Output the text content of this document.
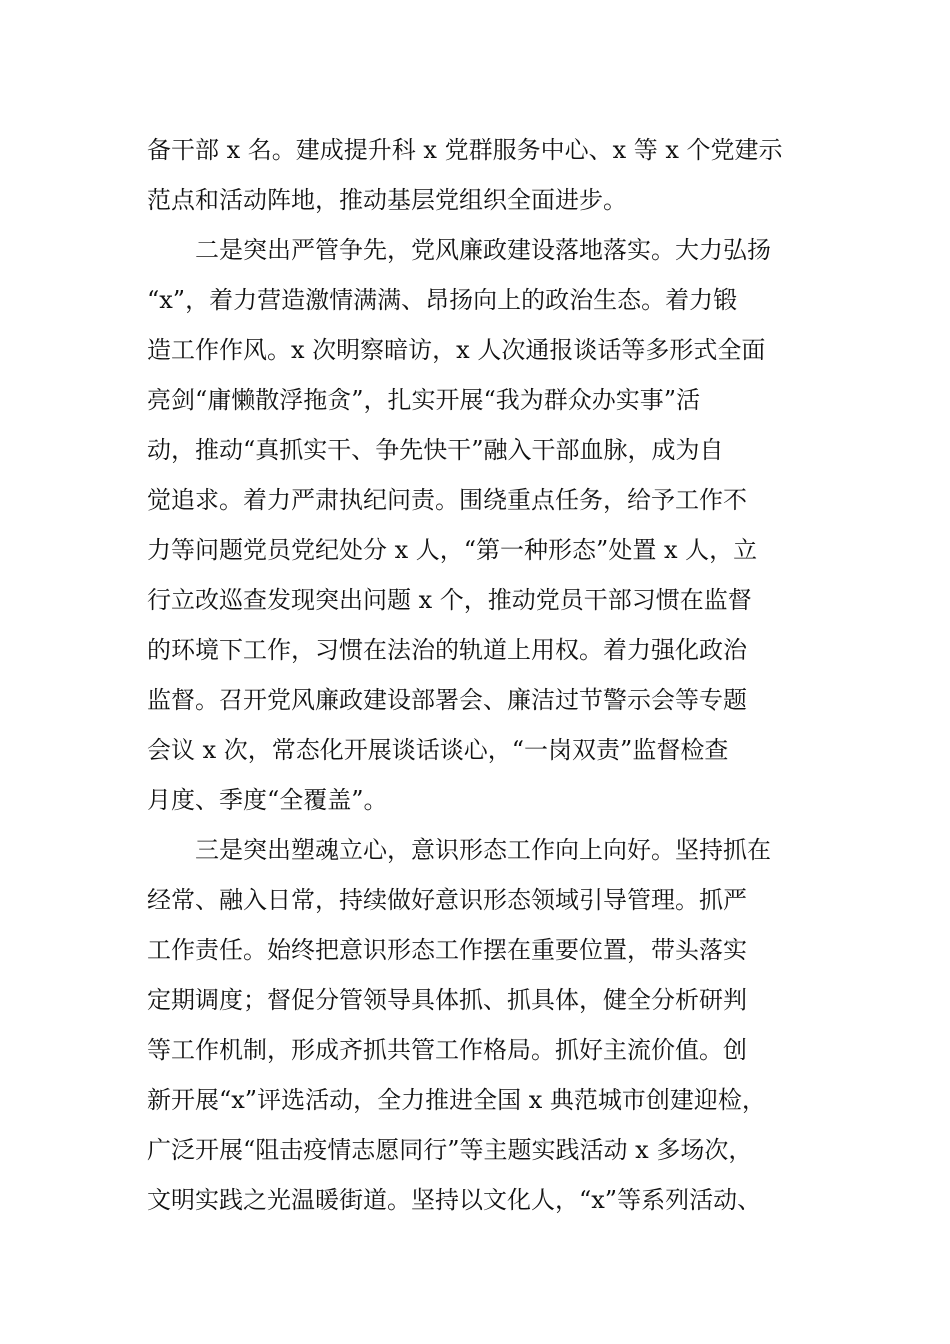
备干部 x 名。建成提升科 x 党群服务中心、x 等 x 个党建示

范点和活动阵地，推动基层党组织全面进步。

二是突出严管争先，党风廉政建设落地落实。大力弘扬

“x”，着力营造激情满满、昂扬向上的政治生态。着力锻

造工作作风。x 次明察暗访，x 人次通报谈话等多形式全面

亮剑“庸懒散浮拖贪”，扎实开展“我为群众办实事”活

动，推动“真抓实干、争先快干”融入干部血脉，成为自

觉追求。着力严肃执纪问责。围绕重点任务，给予工作不

力等问题党员党纪处分 x 人，“第一种形态”处置 x 人，立

行立改巡查发现突出问题 x 个，推动党员干部习惯在监督

的环境下工作，习惯在法治的轨道上用权。着力强化政治

监督。召开党风廉政建设部署会、廉洁过节警示会等专题

会议 x 次，常态化开展谈话谈心，“一岗双责”监督检查

月度、季度“全覆盖”。

三是突出塑魂立心，意识形态工作向上向好。坚持抓在

经常、融入日常，持续做好意识形态领域引导管理。抓严

工作责任。始终把意识形态工作摆在重要位置，带头落实

定期调度；督促分管领导具体抓、抓具体，健全分析研判

等工作机制，形成齐抓共管工作格局。抓好主流价值。创

新开展“x”评选活动，全力推进全国 x 典范城市创建迎检，

广泛开展“阻击疫情志愿同行”等主题实践活动 x 多场次，

文明实践之光温暖街道。坚持以文化人，“x”等系列活动、
